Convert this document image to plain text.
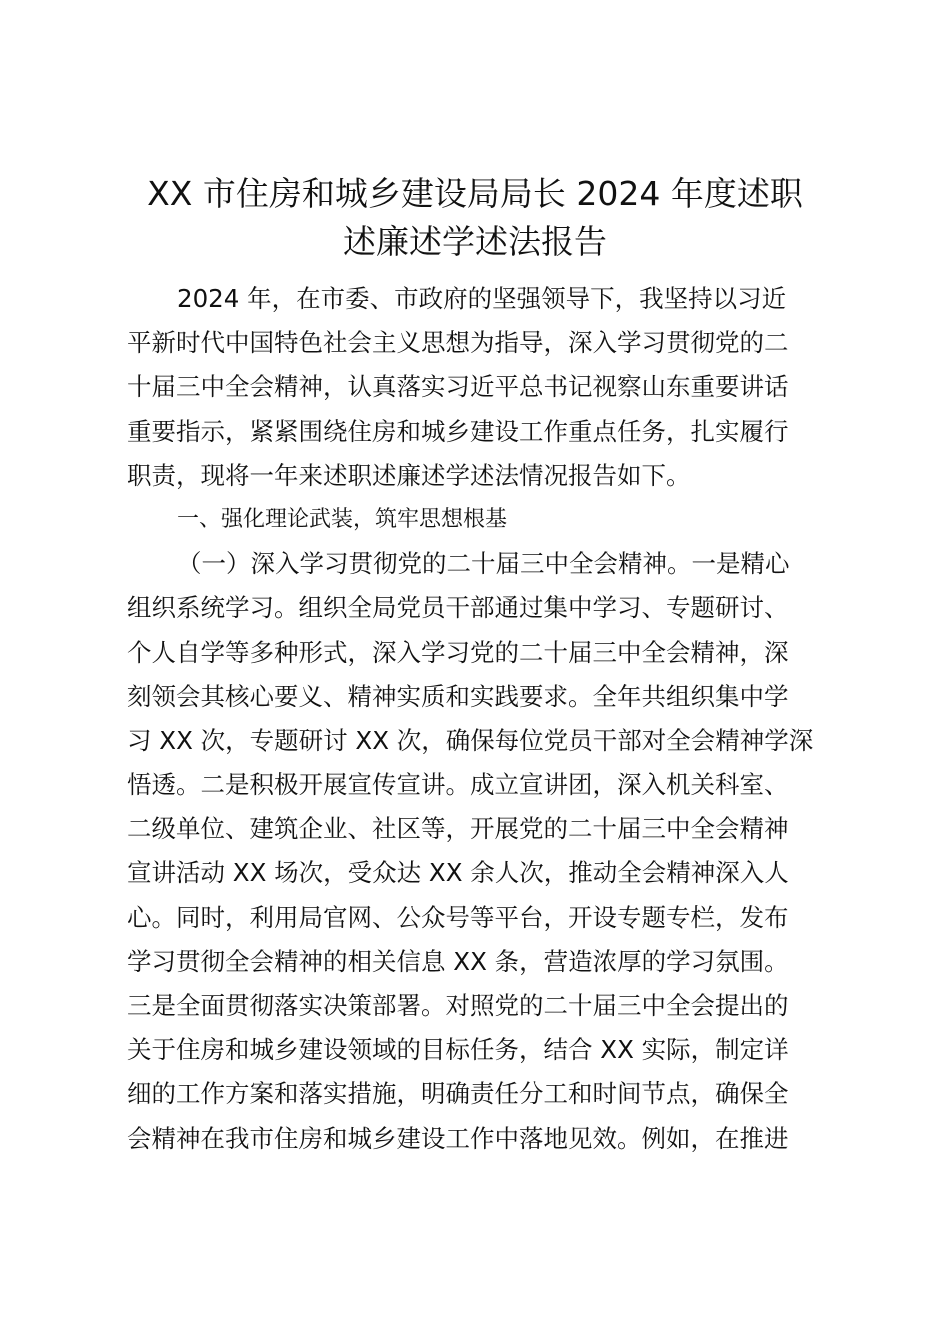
XX 市住房和城乡建设局局长 2024 年度述职
述廉述学述法报告
2024 年，在市委、市政府的坚强领导下，我坚持以习近
平新时代中国特色社会主义思想为指导，深入学习贯彻党的二
十届三中全会精神，认真落实习近平总书记视察山东重要讲话
重要指示，紧紧围绕住房和城乡建设工作重点任务，扎实履行
职责，现将一年来述职述廉述学述法情况报告如下。
一、强化理论武装，筑牢思想根基
（一）深入学习贯彻党的二十届三中全会精神。一是精心
组织系统学习。组织全局党员干部通过集中学习、专题研讨、
个人自学等多种形式，深入学习党的二十届三中全会精神，深
刻领会其核心要义、精神实质和实践要求。全年共组织集中学
习 XX 次，专题研讨 XX 次，确保每位党员干部对全会精神学深
悟透。二是积极开展宣传宣讲。成立宣讲团，深入机关科室、
二级单位、建筑企业、社区等，开展党的二十届三中全会精神
宣讲活动 XX 场次，受众达 XX 余人次，推动全会精神深入人
心。同时，利用局官网、公众号等平台，开设专题专栏，发布
学习贯彻全会精神的相关信息 XX 条，营造浓厚的学习氛围。
三是全面贯彻落实决策部署。对照党的二十届三中全会提出的
关于住房和城乡建设领域的目标任务，结合 XX 实际，制定详
细的工作方案和落实措施，明确责任分工和时间节点，确保全
会精神在我市住房和城乡建设工作中落地见效。例如，在推进
